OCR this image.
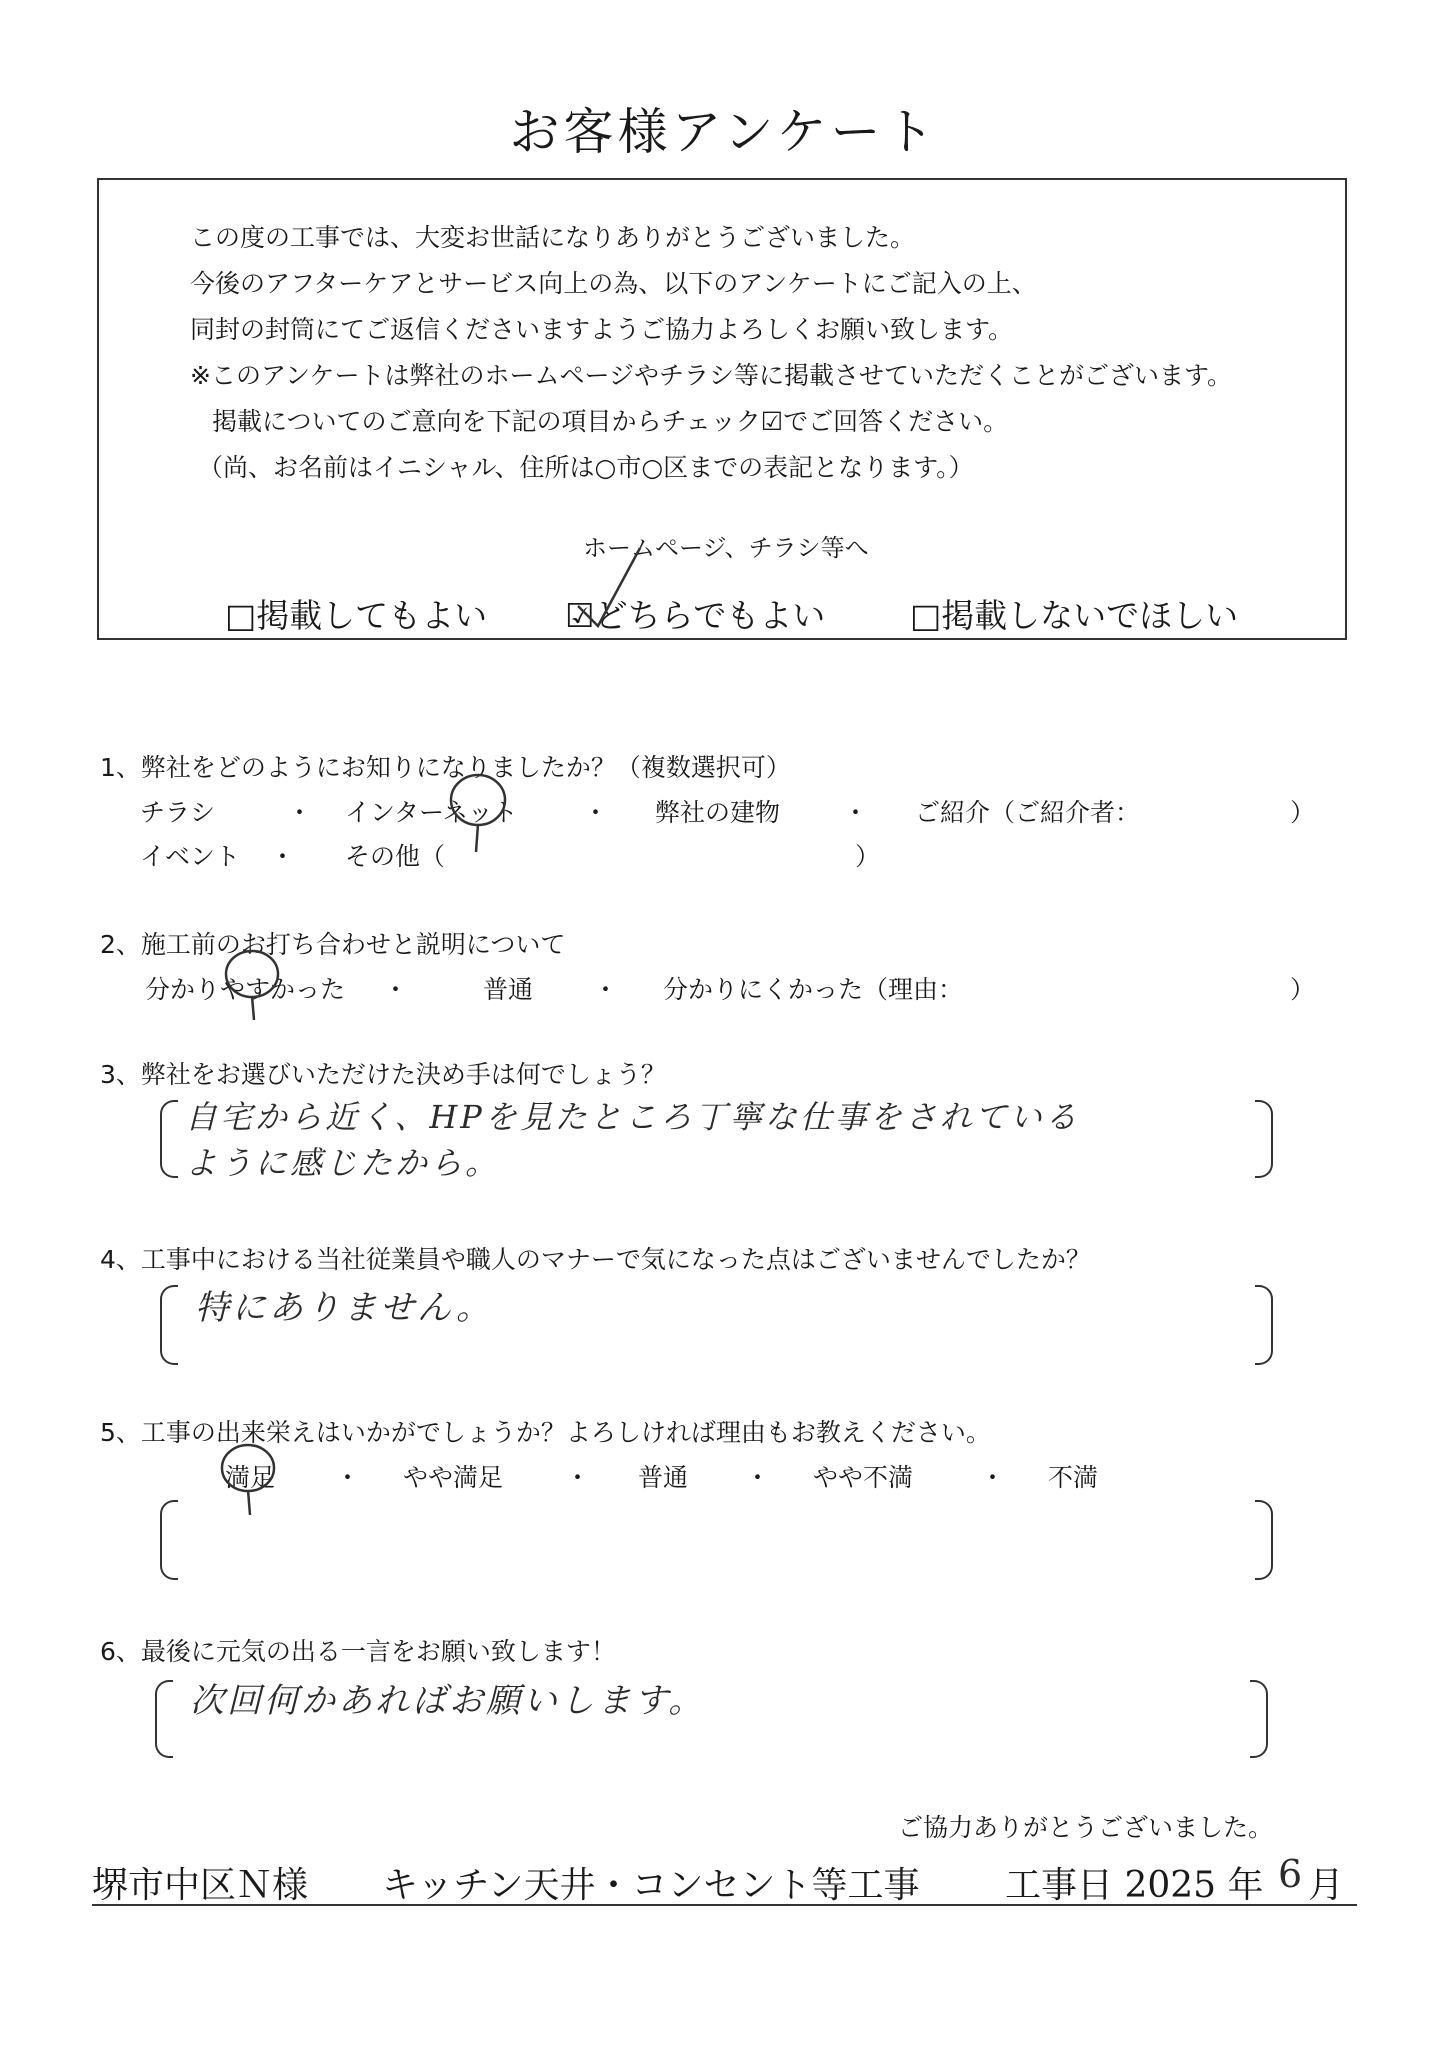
お客様アンケート
この度の工事では、大変お世話になりありがとうございました。
今後のアフターケアとサービス向上の為、以下のアンケートにご記入の上、
同封の封筒にてご返信くださいますようご協力よろしくお願い致します。
※このアンケートは弊社のホームページやチラシ等に掲載させていただくことがございます。
掲載についてのご意向を下記の項目からチェック☑でご回答ください。
（尚、お名前はイニシャル、住所は○市○区までの表記となります。）
ホームページ、チラシ等へ
□掲載してもよい ☑どちらでもよい	□掲載しないでほしい
1、弊社をどのようにお知りになりましたか？（複数選択可）
チラシ	・ インターネット	・ 弊社の建物	・ ご紹介（ご紹介者：	）
イベント ・ その他（	）
2、施工前のお打ち合わせと説明について
分かりやすかった ・	普通 ・ 分かりにくかった（理由：	）
3、弊社をお選びいただけた決め手は何でしょう？
自宅から近く、HPを見たところ丁寧な仕事をされている
ように感じたから。
4、工事中における当社従業員や職人のマナーで気になった点はございませんでしたか？
特にありません。
5、工事の出来栄えはいかがでしょうか？よろしければ理由もお教えください。
満足 ・ やや満足 ・ 普通 ・ やや不満	・ 不満
6、最後に元気の出る一言をお願い致します！
次回何かあればお願いします。
ご協力ありがとうございました。
堺市中区Ｎ様 キッチン天井・コンセント等工事 工事日 2025 年 6 月
